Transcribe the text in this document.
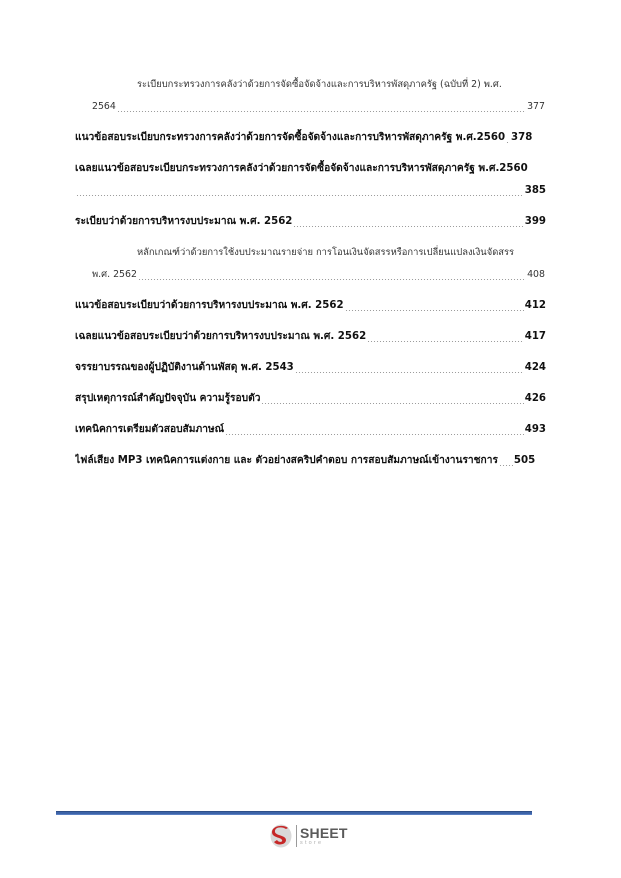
ระเบียบกระทรวงการคลังว่าด้วยการจัดซื้อจัดจ้างและการบริหารพัสดุภาครัฐ (ฉบับที่ 2) พ.ศ.
2564	377
แนวข้อสอบระเบียบกระทรวงการคลังว่าด้วยการจัดซื้อจัดจ้างและการบริหารพัสดุภาครัฐ พ.ศ.2560 378
เฉลยแนวข้อสอบระเบียบกระทรวงการคลังว่าด้วยการจัดซื้อจัดจ้างและการบริหารพัสดุภาครัฐ พ.ศ.2560
385
ระเบียบว่าด้วยการบริหารงบประมาณ พ.ศ. 2562	399
หลักเกณฑ์ว่าด้วยการใช้งบประมาณรายจ่าย การโอนเงินจัดสรรหรือการเปลี่ยนแปลงเงินจัดสรร
พ.ศ. 2562	408
แนวข้อสอบระเบียบว่าด้วยการบริหารงบประมาณ พ.ศ. 2562	412
เฉลยแนวข้อสอบระเบียบว่าด้วยการบริหารงบประมาณ พ.ศ. 2562	417
จรรยาบรรณของผู้ปฏิบัติงานด้านพัสดุ พ.ศ. 2543	424
สรุปเหตุการณ์สำคัญปัจจุบัน ความรู้รอบตัว	426
เทคนิคการเตรียมตัวสอบสัมภาษณ์	493
ไฟล์เสียง MP3 เทคนิคการแต่งกาย และ ตัวอย่างสคริปคำตอบ การสอบสัมภาษณ์เข้างานราชการ 505
SHEET
store
